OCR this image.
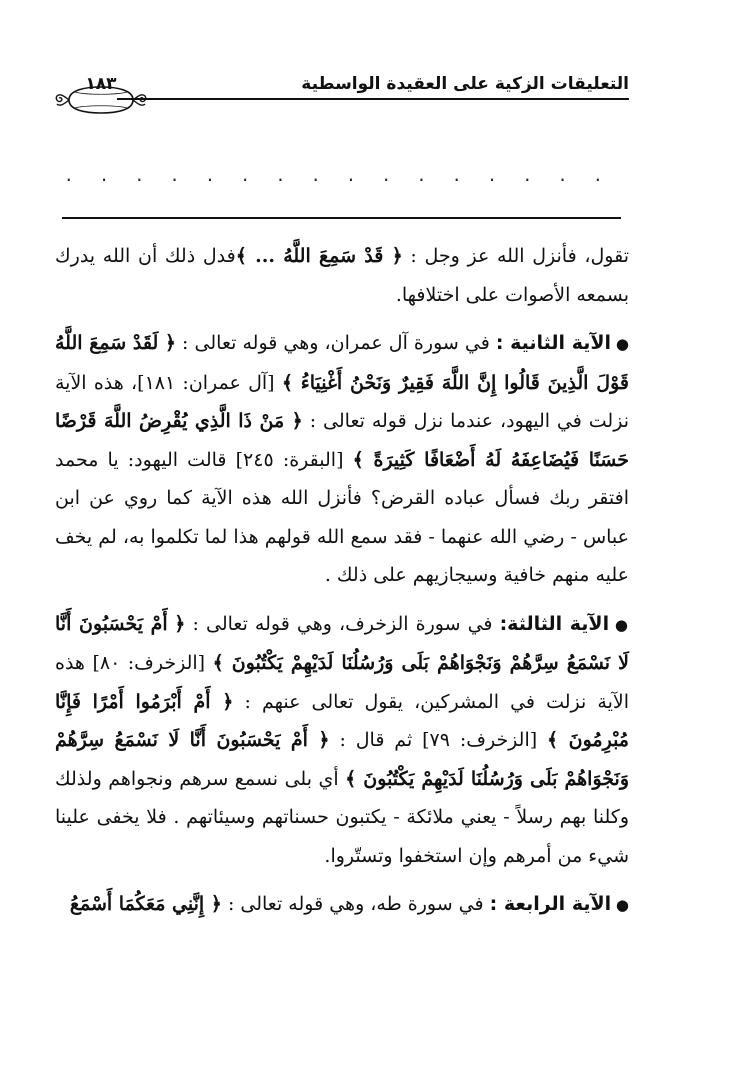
التعليقات الزكية على العقيدة الواسطية
١٨٣
. . .

تقول، فأنزل الله عز وجل : ﴿ قَدْ سَمِعَ اللَّهُ ... ﴾فدل ذلك أن الله يدرك بسمعه الأصوات على اختلافها.

● الآية الثانية : في سورة آل عمران، وهي قوله تعالى : ﴿ لَقَدْ سَمِعَ اللَّهُ قَوْلَ الَّذِينَ قَالُوا إِنَّ اللَّهَ فَقِيرٌ وَنَحْنُ أَغْنِيَاءُ ﴾ [آل عمران: ١٨١]، هذه الآية نزلت في اليهود، عندما نزل قوله تعالى : ﴿ مَنْ ذَا الَّذِي يُقْرِضُ اللَّهَ قَرْضًا حَسَنًا فَيُضَاعِفَهُ لَهُ أَضْعَافًا كَثِيرَةً ﴾ [البقرة: ٢٤٥] قالت اليهود: يا محمد افتقر ربك فسأل عباده القرض؟ فأنزل الله هذه الآية كما روي عن ابن عباس - رضي الله عنهما - فقد سمع الله قولهم هذا لما تكلموا به، لم يخف عليه منهم خافية وسيجازيهم على ذلك .

● الآية الثالثة: في سورة الزخرف، وهي قوله تعالى : ﴿ أَمْ يَحْسَبُونَ أَنَّا لَا نَسْمَعُ سِرَّهُمْ وَنَجْوَاهُمْ بَلَى وَرُسُلُنَا لَدَيْهِمْ يَكْتُبُونَ ﴾ [الزخرف: ٨٠] هذه الآية نزلت في المشركين، يقول تعالى عنهم : ﴿ أَمْ أَبْرَمُوا أَمْرًا فَإِنَّا مُبْرِمُونَ ﴾ [الزخرف: ٧٩] ثم قال : ﴿ أَمْ يَحْسَبُونَ أَنَّا لَا نَسْمَعُ سِرَّهُمْ وَنَجْوَاهُمْ بَلَى وَرُسُلُنَا لَدَيْهِمْ يَكْتُبُونَ ﴾ أي بلى نسمع سرهم ونجواهم ولذلك وكلنا بهم رسلاً - يعني ملائكة - يكتبون حسناتهم وسيئاتهم . فلا يخفى علينا شيء من أمرهم وإن استخفوا وتستّروا.

● الآية الرابعة : في سورة طه، وهي قوله تعالى : ﴿ إِنَّنِي مَعَكُمَا أَسْمَعُ
